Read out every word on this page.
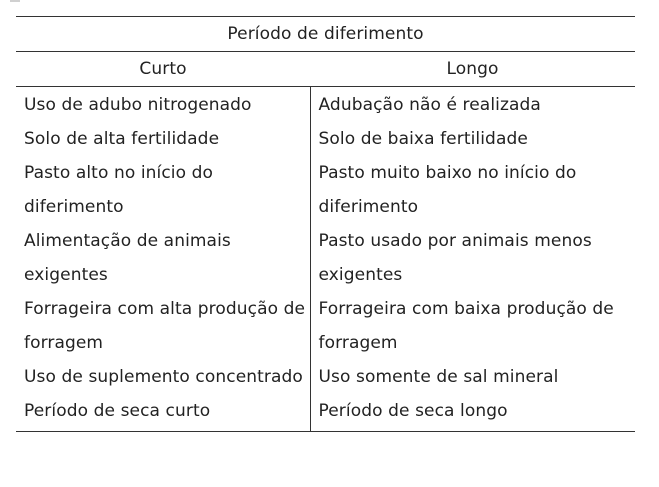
Período de diferimento	
Curto	Longo

Uso de adubo nitrogenado	Adubação não é realizada

Solo de alta fertilidade	Solo de baixa fertilidade

Pasto alto no início do diferimento	Pasto muito baixo no início do diferimento

Alimentação de animais exigentes	Pasto usado por animais menos exigentes

Forrageira com alta produção de forragem	Forrageira com baixa produção de forragem

Uso de suplemento concentrado	Uso somente de sal mineral

Período de seca curto	Período de seca longo
